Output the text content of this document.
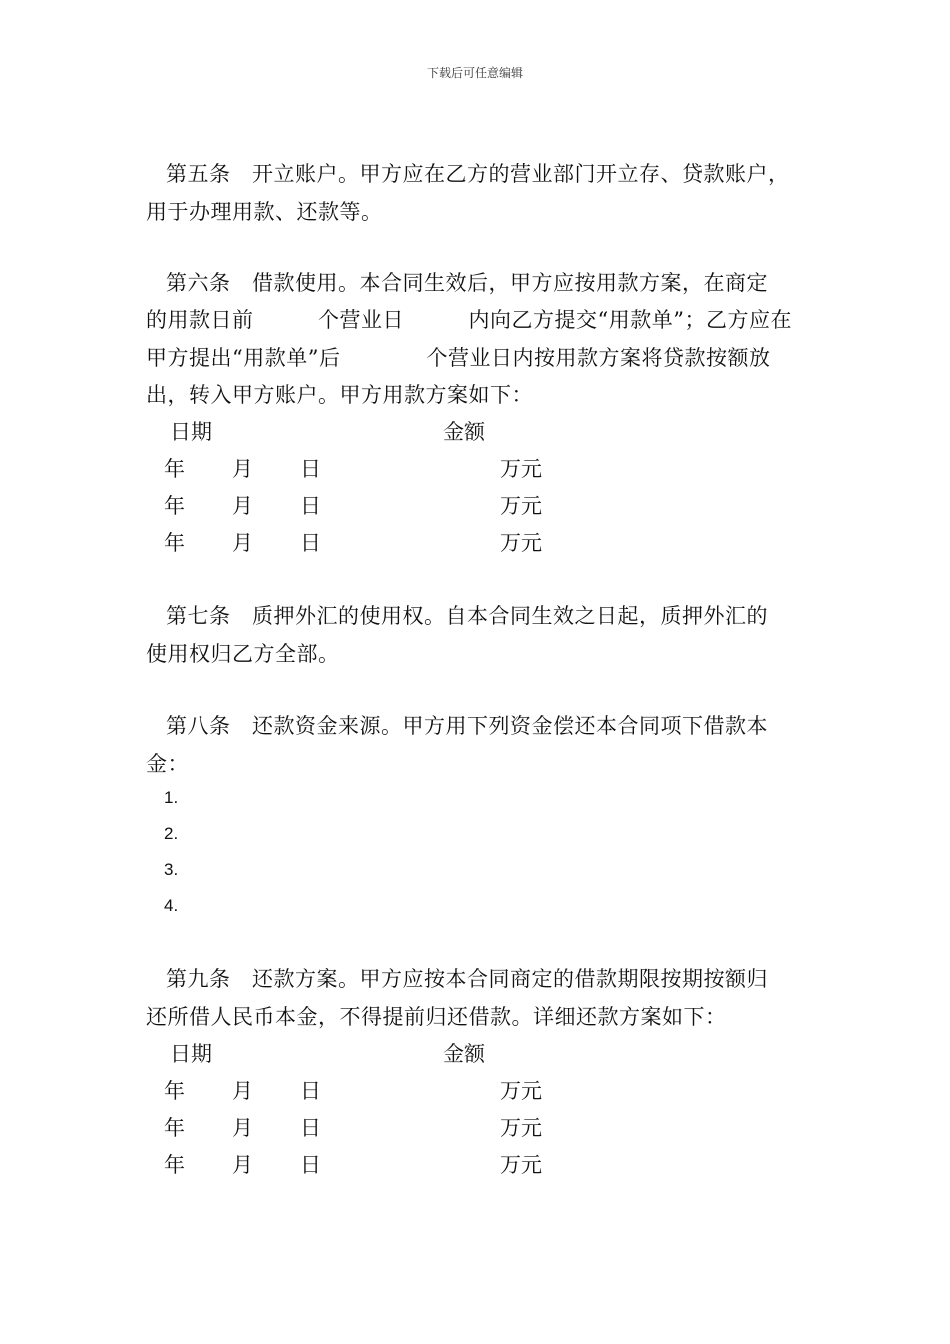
下载后可任意编辑
第五条　开立账户。甲方应在乙方的营业部门开立存、贷款账户，
用于办理用款、还款等。
第六条　借款使用。本合同生效后，甲方应按用款方案，在商定
的用款日前　　　个营业日　　　内向乙方提交“用款单”；乙方应在
甲方提出“用款单”后　　　　个营业日内按用款方案将贷款按额放
出，转入甲方账户。甲方用款方案如下：
日期	金额
年 月 日	万元
年 月 日	万元
年 月 日	万元
第七条　质押外汇的使用权。自本合同生效之日起，质押外汇的
使用权归乙方全部。
第八条　还款资金来源。甲方用下列资金偿还本合同项下借款本
金：
1.
2.
3.
4.
第九条　还款方案。甲方应按本合同商定的借款期限按期按额归
还所借人民币本金，不得提前归还借款。详细还款方案如下：
日期	金额
年 月 日	万元
年 月 日	万元
年 月 日	万元
